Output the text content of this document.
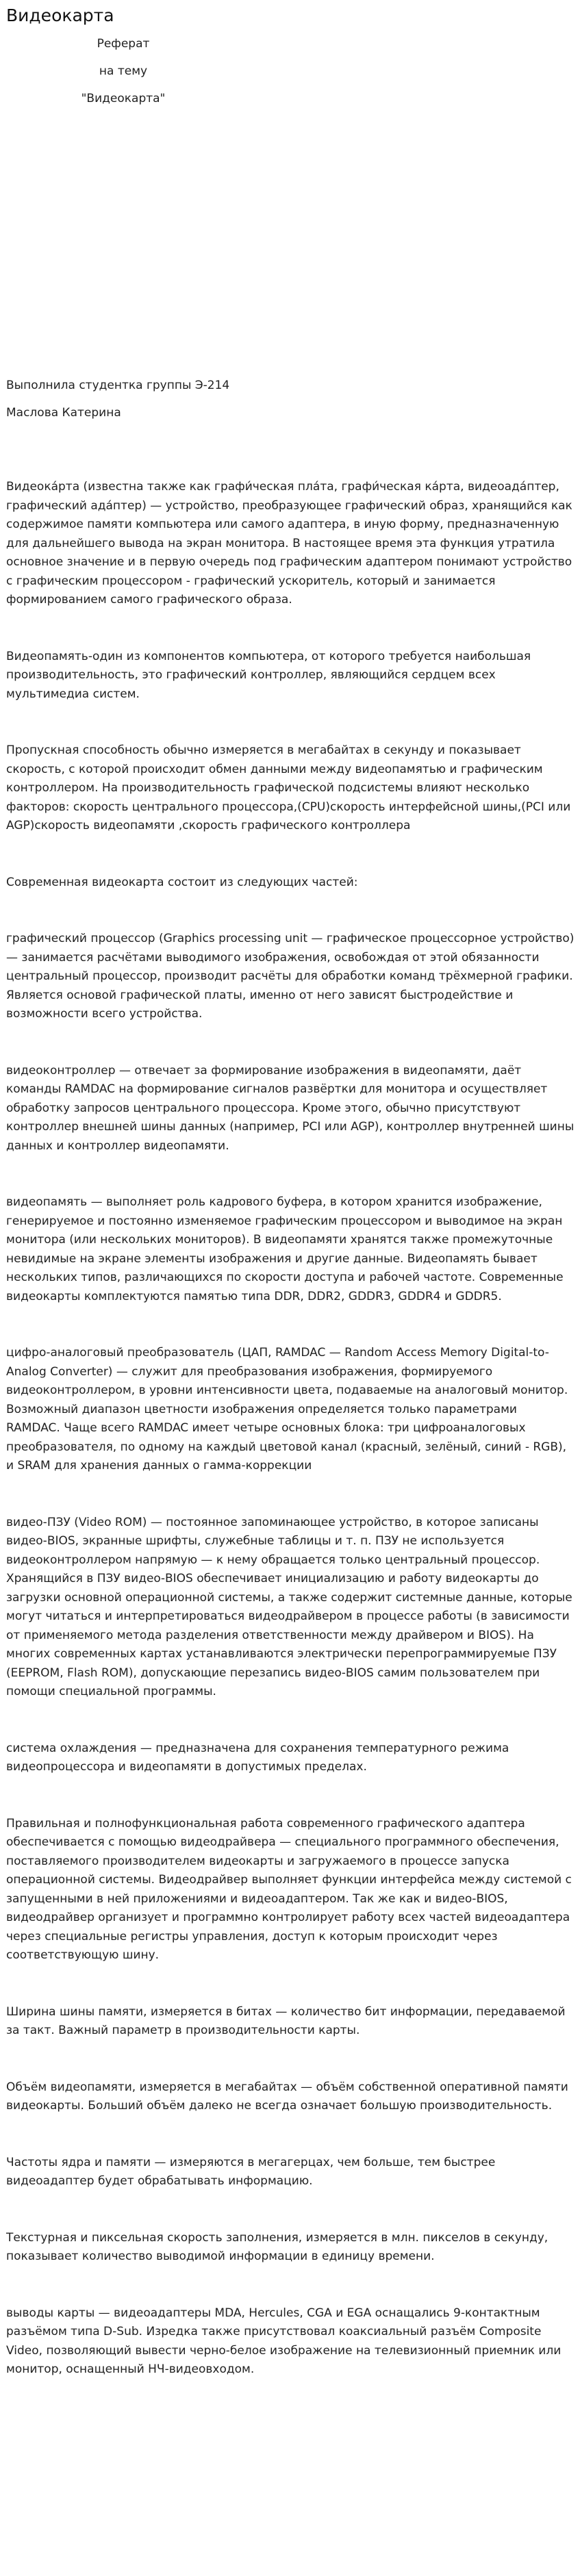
Видеокарта
Реферат
на тему
"Видеокарта"
Выполнила студентка группы Э-214
Маслова Катерина

Видеока́рта (известна также как графи́ческая пла́та, графи́ческая ка́рта, видеоада́птер, графический ада́птер) — устройство, преобразующее графический образ, хранящийся как содержимое памяти компьютера или самого адаптера, в иную форму, предназначенную для дальнейшего вывода на экран монитора. В настоящее время эта функция утратила основное значение и в первую очередь под графическим адаптером понимают устройство с графическим процессором - графический ускоритель, который и занимается формированием самого графического образа.

Видеопамять-один из компонентов компьютера, от которого требуется наибольшая производительность, это графический контроллер, являющийся сердцем всех мультимедиа систем.

Пропускная способность обычно измеряется в мегабайтах в секунду и показывает скорость, с которой происходит обмен данными между видеопамятью и графическим контроллером. На производительность графической подсистемы влияют несколько факторов: скорость центрального процессора,(CPU)скорость интерфейсной шины,(PCI или AGP)скорость видеопамяти ,скорость графического контроллера

Современная видеокарта состоит из следующих частей:

графический процессор (Graphics processing unit — графическое процессорное устройство) — занимается расчётами выводимого изображения, освобождая от этой обязанности центральный процессор, производит расчёты для обработки команд трёхмерной графики. Является основой графической платы, именно от него зависят быстродействие и возможности всего устройства.

видеоконтроллер — отвечает за формирование изображения в видеопамяти, даёт команды RAMDAC на формирование сигналов развёртки для монитора и осуществляет обработку запросов центрального процессора. Кроме этого, обычно присутствуют контроллер внешней шины данных (например, PCI или AGP), контроллер внутренней шины данных и контроллер видеопамяти.

видеопамять — выполняет роль кадрового буфера, в котором хранится изображение, генерируемое и постоянно изменяемое графическим процессором и выводимое на экран монитора (или нескольких мониторов). В видеопамяти хранятся также промежуточные невидимые на экране элементы изображения и другие данные. Видеопамять бывает нескольких типов, различающихся по скорости доступа и рабочей частоте. Современные видеокарты комплектуются памятью типа DDR, DDR2, GDDR3, GDDR4 и GDDR5.

цифро-аналоговый преобразователь (ЦАП, RAMDAC — Random Access Memory Digital-to-Analog Converter) — служит для преобразования изображения, формируемого видеоконтроллером, в уровни интенсивности цвета, подаваемые на аналоговый монитор. Возможный диапазон цветности изображения определяется только параметрами RAMDAC. Чаще всего RAMDAC имеет четыре основных блока: три цифроаналоговых преобразователя, по одному на каждый цветовой канал (красный, зелёный, синий - RGB), и SRAM для хранения данных о гамма-коррекции

видео-ПЗУ (Video ROM) — постоянное запоминающее устройство, в которое записаны видео-BIOS, экранные шрифты, служебные таблицы и т. п. ПЗУ не используется видеоконтроллером напрямую — к нему обращается только центральный процессор. Хранящийся в ПЗУ видео-BIOS обеспечивает инициализацию и работу видеокарты до загрузки основной операционной системы, а также содержит системные данные, которые могут читаться и интерпретироваться видеодрайвером в процессе работы (в зависимости от применяемого метода разделения ответственности между драйвером и BIOS). На многих современных картах устанавливаются электрически перепрограммируемые ПЗУ (EEPROM, Flash ROM), допускающие перезапись видео-BIOS самим пользователем при помощи специальной программы.

система охлаждения — предназначена для сохранения температурного режима видеопроцессора и видеопамяти в допустимых пределах.

Правильная и полнофункциональная работа современного графического адаптера обеспечивается с помощью видеодрайвера — специального программного обеспечения, поставляемого производителем видеокарты и загружаемого в процессе запуска операционной системы. Видеодрайвер выполняет функции интерфейса между системой с запущенными в ней приложениями и видеоадаптером. Так же как и видео-BIOS, видеодрайвер организует и программно контролирует работу всех частей видеоадаптера через специальные регистры управления, доступ к которым происходит через соответствующую шину.

Ширина шины памяти, измеряется в битах — количество бит информации, передаваемой за такт. Важный параметр в производительности карты.

Объём видеопамяти, измеряется в мегабайтах — объём собственной оперативной памяти видеокарты. Больший объём далеко не всегда означает большую производительность.

Частоты ядра и памяти — измеряются в мегагерцах, чем больше, тем быстрее видеоадаптер будет обрабатывать информацию.

Текстурная и пиксельная скорость заполнения, измеряется в млн. пикселов в секунду, показывает количество выводимой информации в единицу времени.

выводы карты — видеоадаптеры MDA, Hercules, CGA и EGA оснащались 9-контактным разъёмом типа D-Sub. Изредка также присутствовал коаксиальный разъём Composite Video, позволяющий вывести черно-белое изображение на телевизионный приемник или монитор, оснащенный НЧ-видеовходом.
